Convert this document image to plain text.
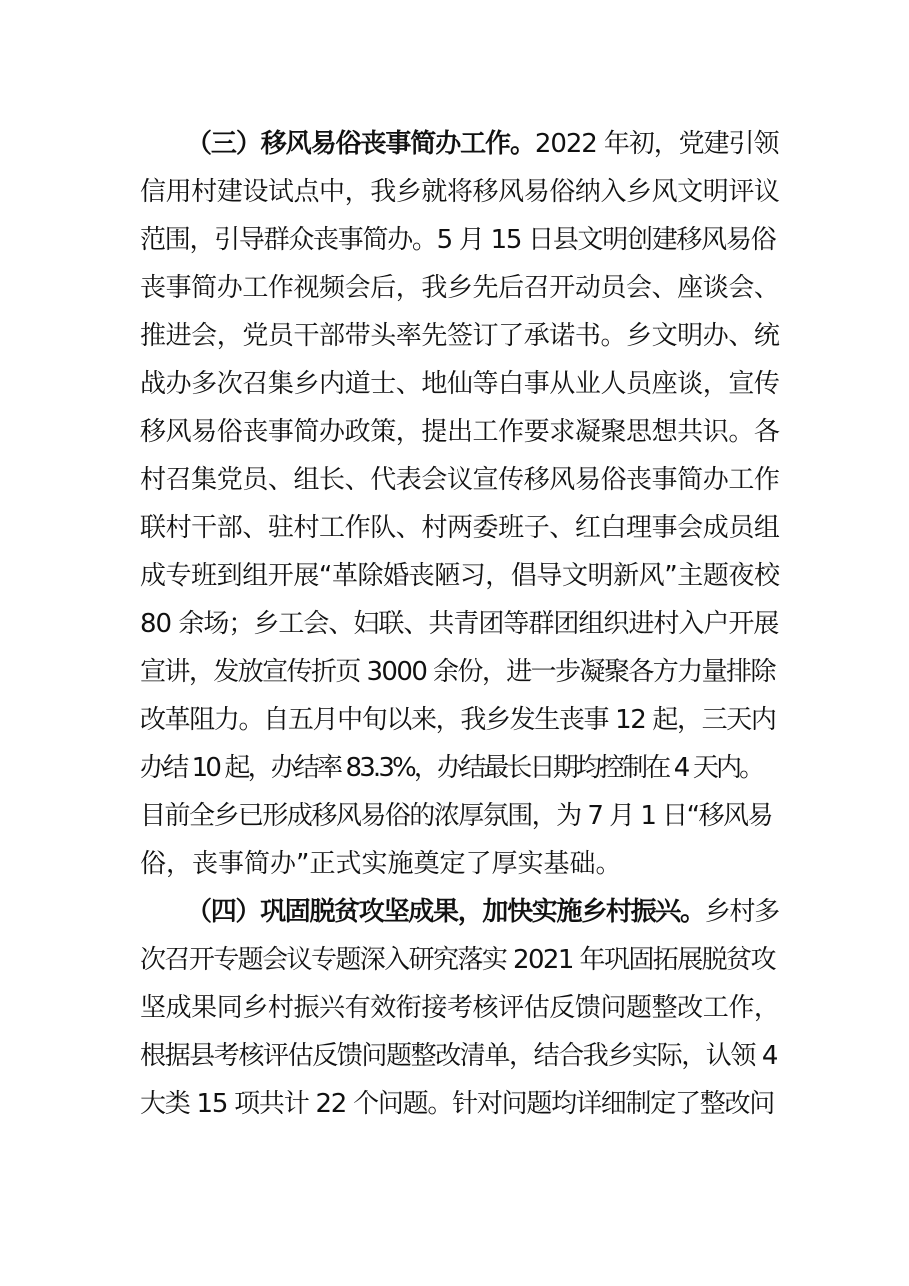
（三）移风易俗丧事简办工作。2022 年初，党建引领
信用村建设试点中，我乡就将移风易俗纳入乡风文明评议
范围，引导群众丧事简办。5 月 15 日县文明创建移风易俗
丧事简办工作视频会后，我乡先后召开动员会、座谈会、
推进会，党员干部带头率先签订了承诺书。乡文明办、统
战办多次召集乡内道士、地仙等白事从业人员座谈，宣传
移风易俗丧事简办政策，提出工作要求凝聚思想共识。各
村召集党员、组长、代表会议宣传移风易俗丧事简办工作
联村干部、驻村工作队、村两委班子、红白理事会成员组
成专班到组开展“革除婚丧陋习，倡导文明新风”主题夜校
80 余场；乡工会、妇联、共青团等群团组织进村入户开展
宣讲，发放宣传折页 3000 余份，进一步凝聚各方力量排除
改革阻力。自五月中旬以来，我乡发生丧事 12 起，三天内
办结 10 起，办结率 83.3%，办结最长日期均控制在 4 天内。
目前全乡已形成移风易俗的浓厚氛围，为 7 月 1 日“移风易
俗，丧事简办”正式实施奠定了厚实基础。
（四）巩固脱贫攻坚成果，加快实施乡村振兴。乡村多
次召开专题会议专题深入研究落实 2021 年巩固拓展脱贫攻
坚成果同乡村振兴有效衔接考核评估反馈问题整改工作，
根据县考核评估反馈问题整改清单，结合我乡实际，认领 4
大类 15 项共计 22 个问题。针对问题均详细制定了整改问
